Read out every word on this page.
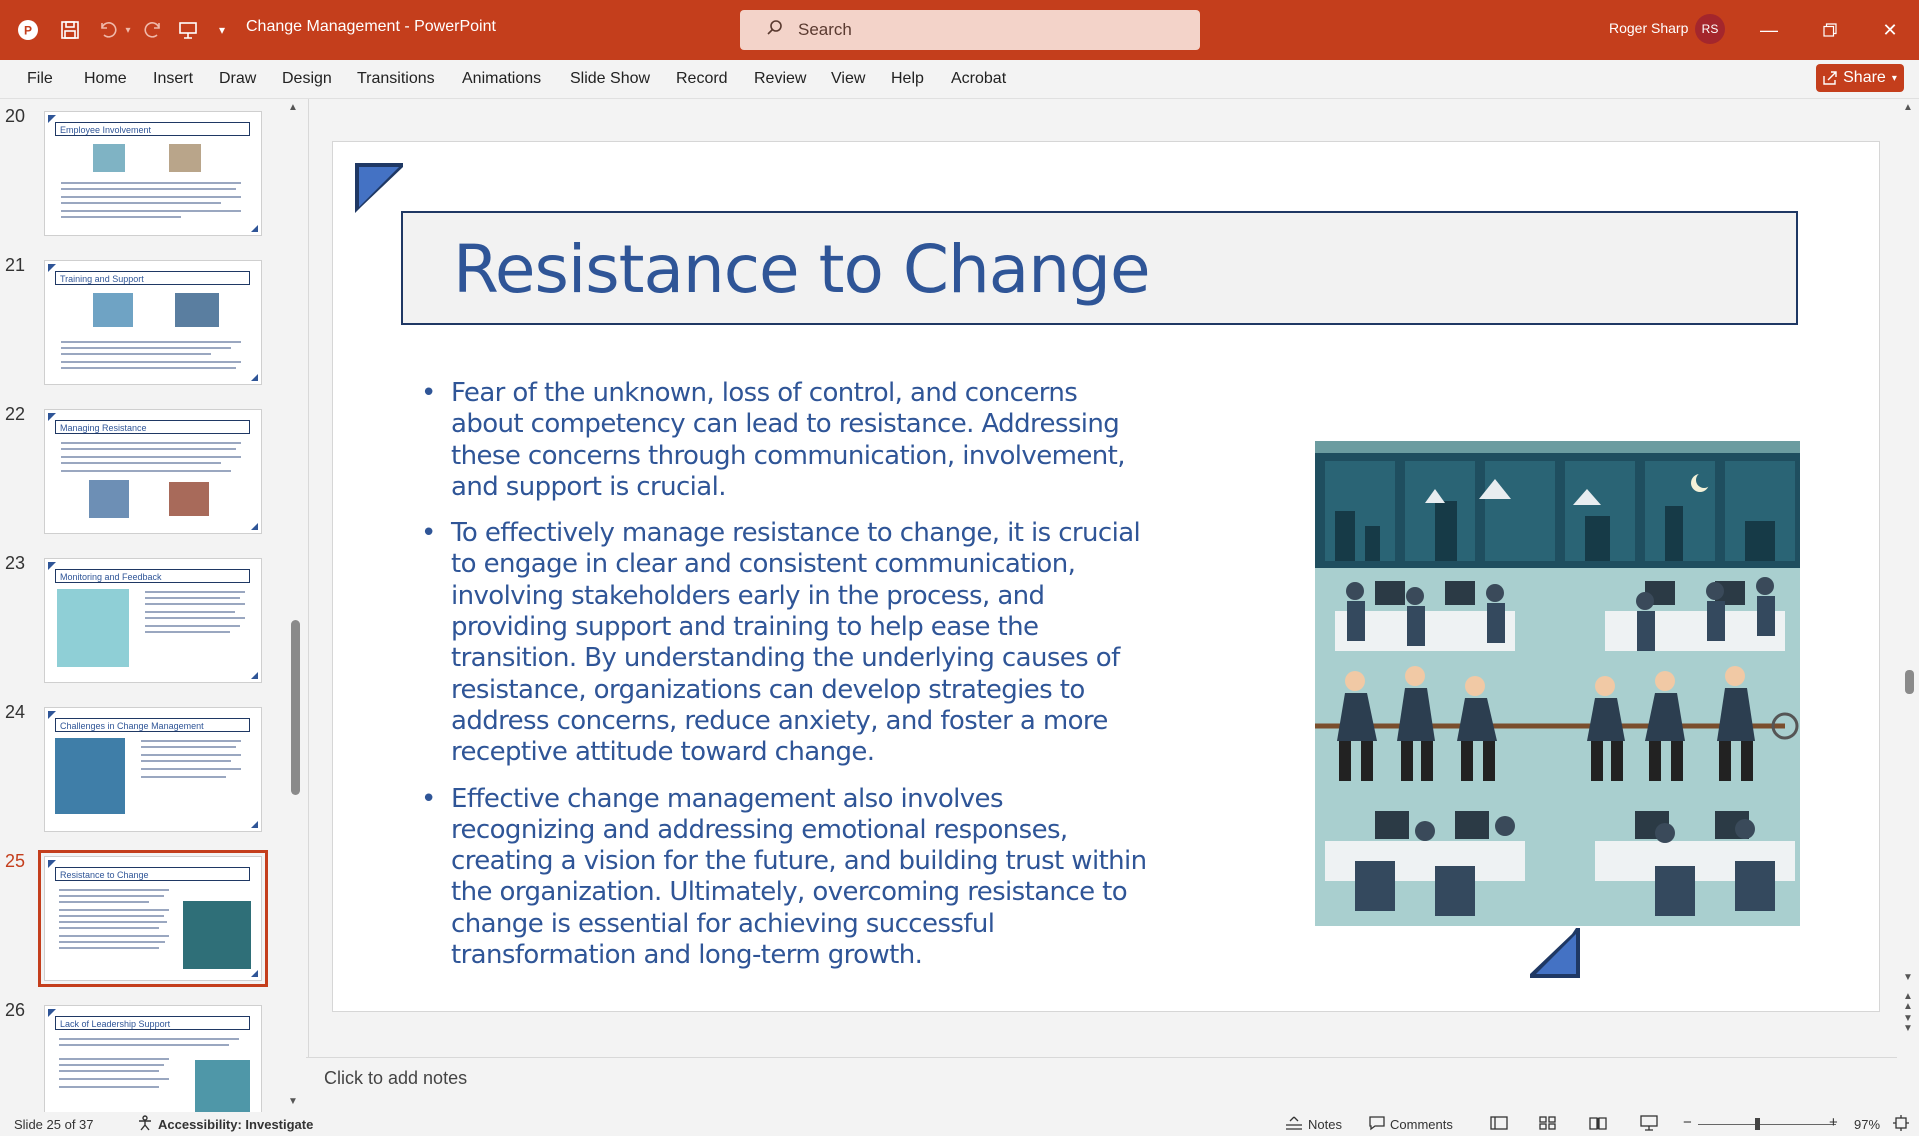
P	▾	▾	Change Management - PowerPoint	Search	Roger Sharp	RS	—	✕
File Home Insert Draw Design Transitions Animations Slide Show Record Review View Help Acrobat	Share ▾
20
Employee Involvement
21
Training and Support
22
Managing Resistance
23
Monitoring and Feedback
24
Challenges in Change Management
25
Resistance to Change
26
Lack of Leadership Support
▲
▼
Resistance to Change
• Fear of the unknown, loss of control, and concerns about competency can lead to resistance. Addressing these concerns through communication, involvement, and support is crucial.
• To effectively manage resistance to change, it is crucial to engage in clear and consistent communication, involving stakeholders early in the process, and providing support and training to help ease the transition. By understanding the underlying causes of resistance, organizations can develop strategies to address concerns, reduce anxiety, and foster a more receptive attitude toward change.
• Effective change management also involves recognizing and addressing emotional responses, creating a vision for the future, and building trust within the organization. Ultimately, overcoming resistance to change is essential for achieving successful transformation and long-term growth.
▲
▼
▲
▲
▼
▼
Click to add notes
Slide 25 of 37	Accessibility: Investigate	Notes	Comments	−	+ 97%
